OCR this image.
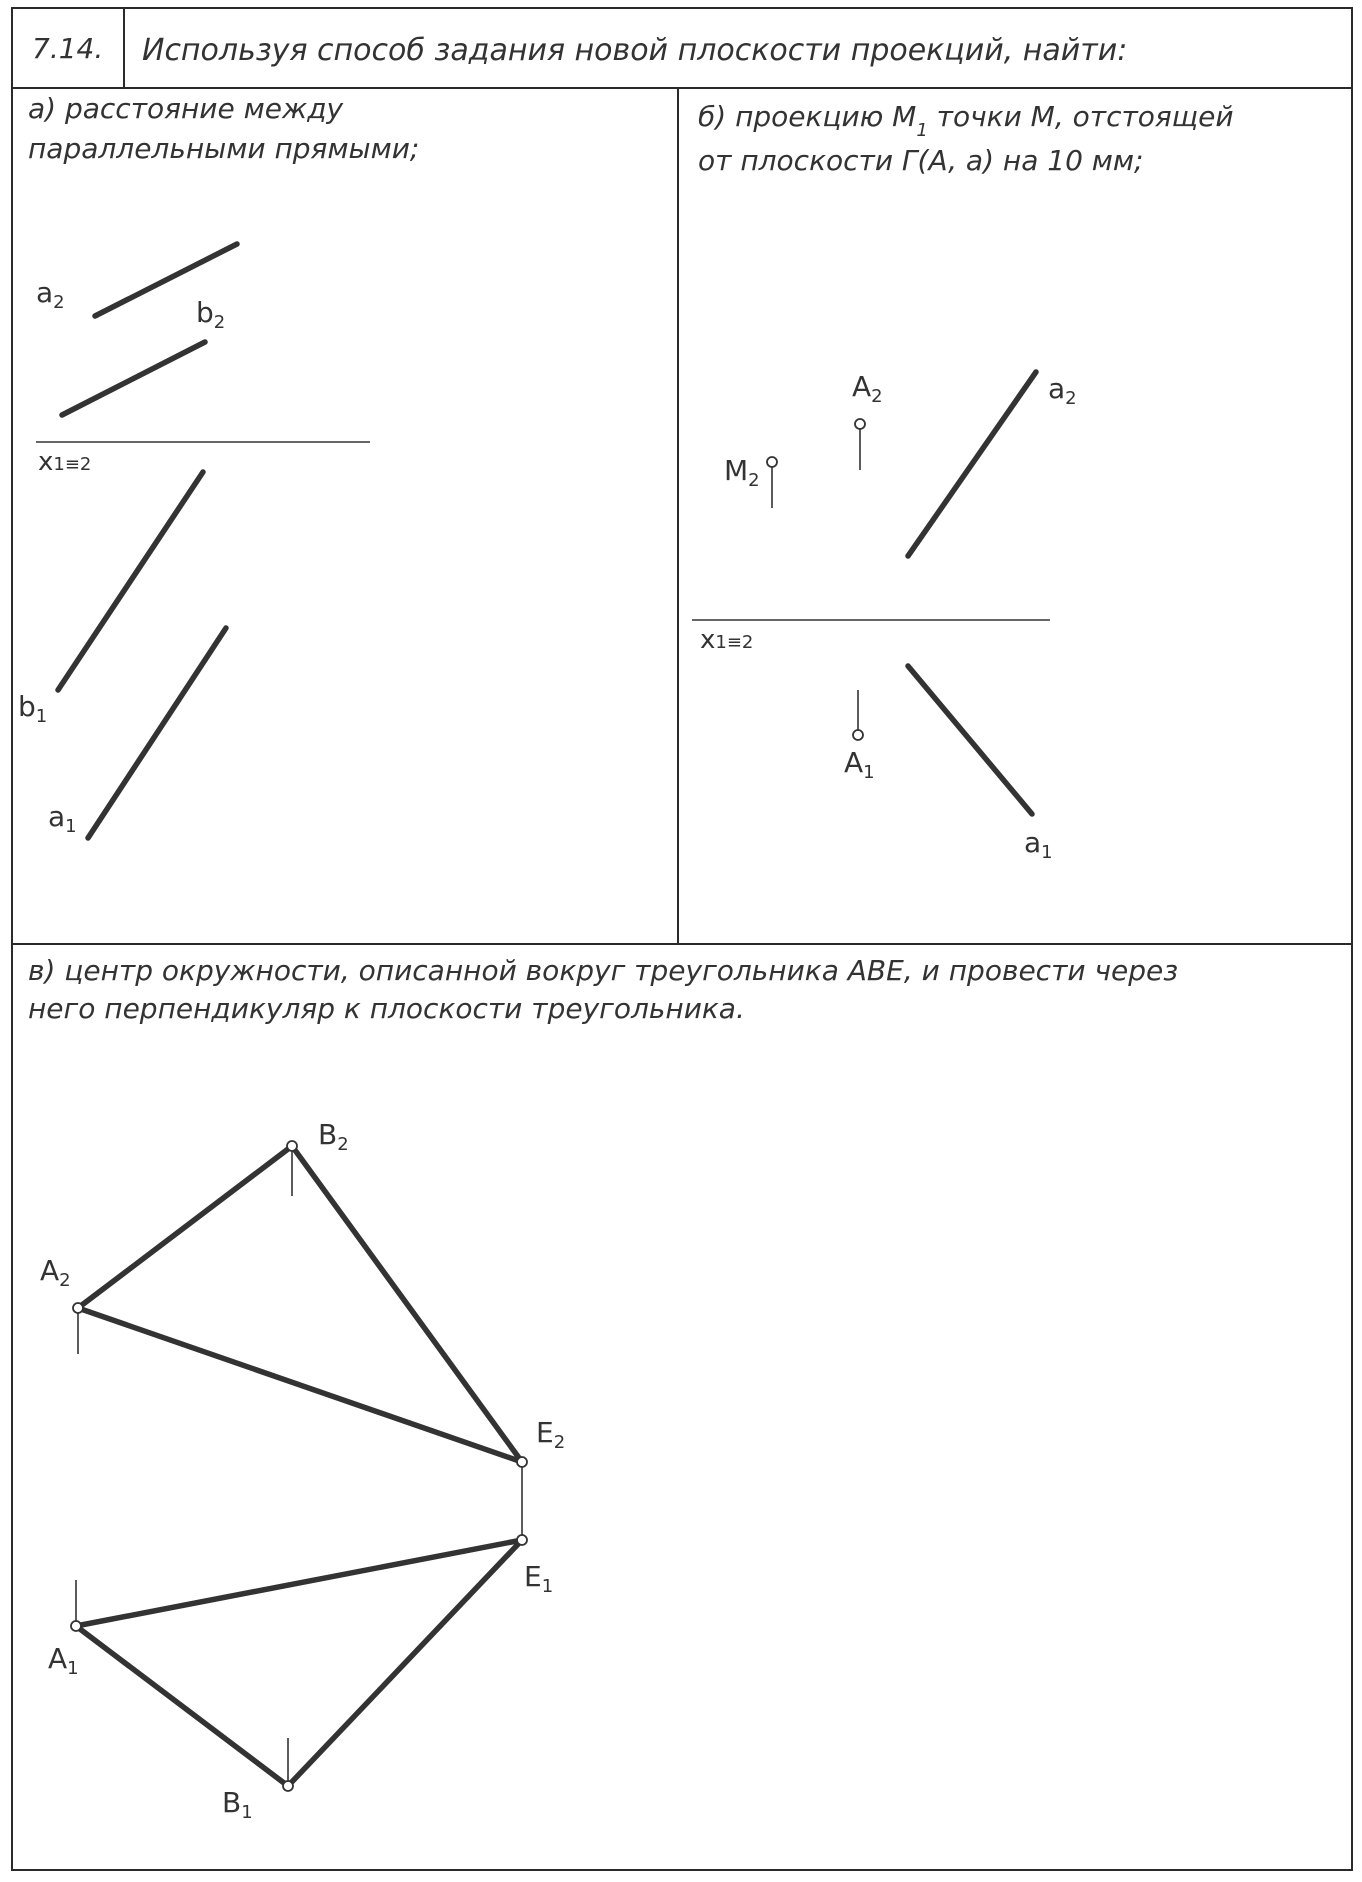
7.14. Используя способ задания новой плоскости проекций, найти:
а) расстояние между
параллельными прямыми;
x1≡2
a2	b2
b1
a1
б) проекцию $M_1$ точки M, отстоящей
от плоскости Г(A, a) на 10 мм;
x1≡2
A2	a2
M2
A1
a1
в) центр окружности, описанной вокруг треугольника ABE, и провести через
него перпендикуляр к плоскости треугольника.
B2
A2
E2
E1
A1
B1
